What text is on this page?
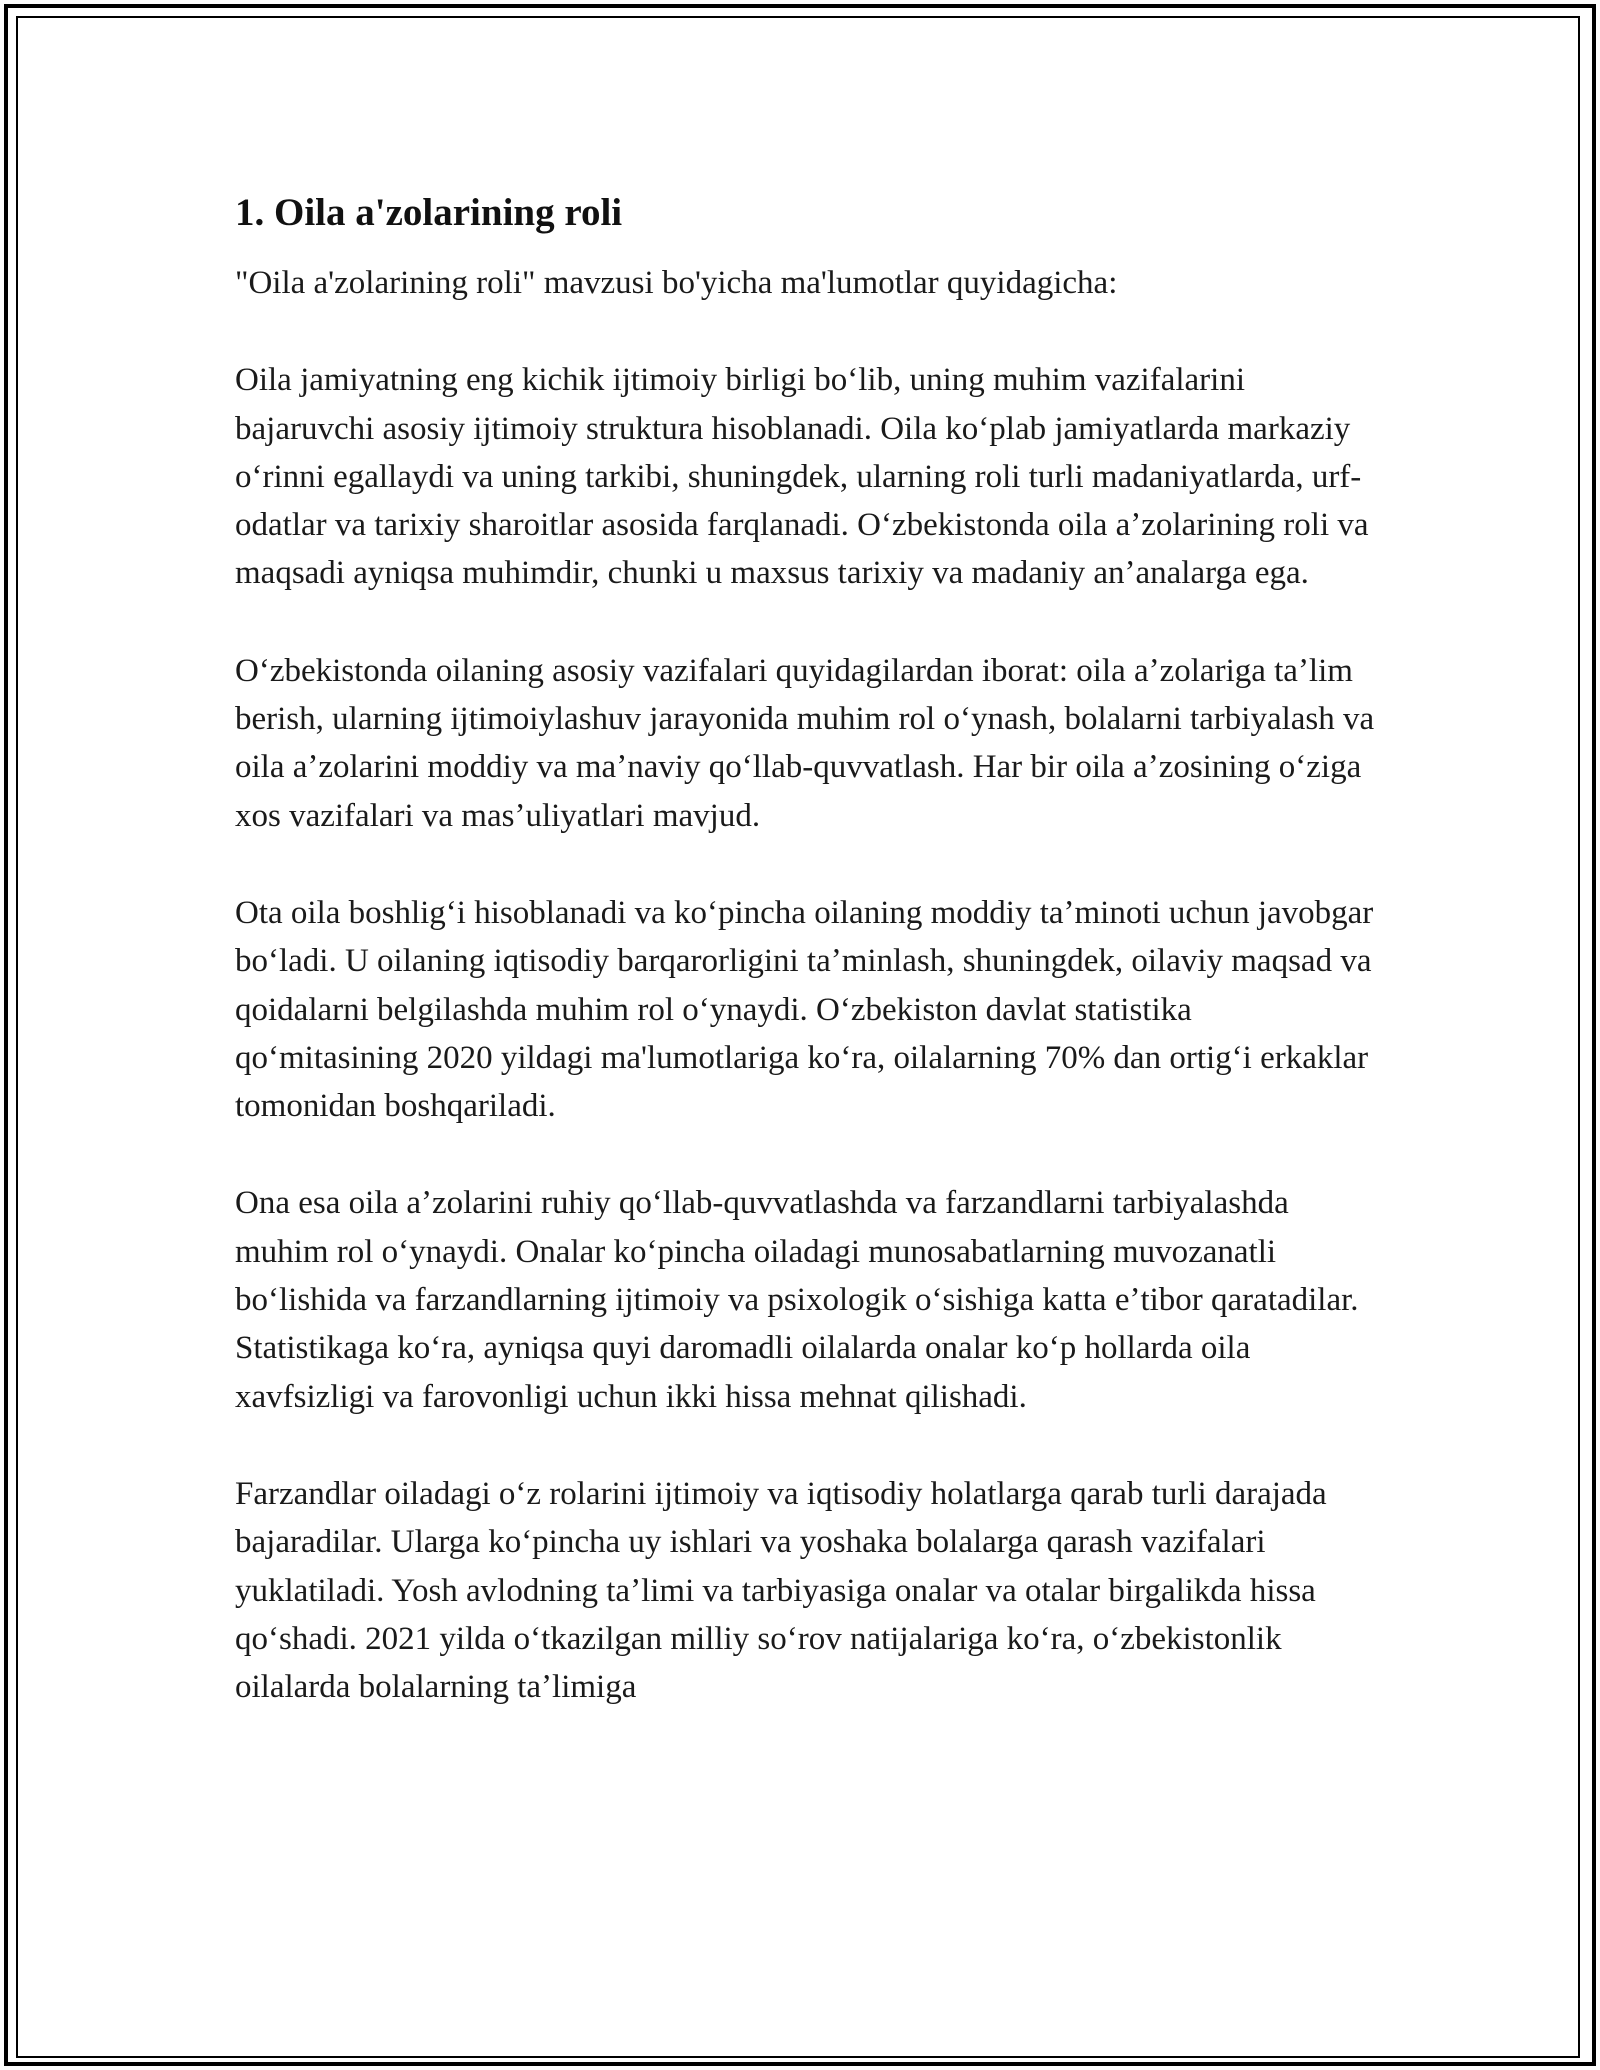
1. Oila a'zolarining roli

"Oila a'zolarining roli" mavzusi bo'yicha ma'lumotlar quyidagicha:

Oila jamiyatning eng kichik ijtimoiy birligi boʻlib, uning muhim vazifalarini bajaruvchi asosiy ijtimoiy struktura hisoblanadi. Oila koʻplab jamiyatlarda markaziy oʻrinni egallaydi va uning tarkibi, shuningdek, ularning roli turli madaniyatlarda, urf-odatlar va tarixiy sharoitlar asosida farqlanadi. Oʻzbekistonda oila aʼzolarining roli va maqsadi ayniqsa muhimdir, chunki u maxsus tarixiy va madaniy anʼanalarga ega.

Oʻzbekistonda oilaning asosiy vazifalari quyidagilardan iborat: oila aʼzolariga taʼlim berish, ularning ijtimoiylashuv jarayonida muhim rol oʻynash, bolalarni tarbiyalash va oila aʼzolarini moddiy va maʼnaviy qoʻllab-quvvatlash. Har bir oila aʼzosining oʻziga xos vazifalari va masʼuliyatlari mavjud.

Ota oila boshligʻi hisoblanadi va koʻpincha oilaning moddiy taʼminoti uchun javobgar boʻladi. U oilaning iqtisodiy barqarorligini taʼminlash, shuningdek, oilaviy maqsad va qoidalarni belgilashda muhim rol oʻynaydi. Oʻzbekiston davlat statistika qoʻmitasining 2020 yildagi ma'lumotlariga koʻra, oilalarning 70% dan ortigʻi erkaklar tomonidan boshqariladi.

Ona esa oila aʼzolarini ruhiy qoʻllab-quvvatlashda va farzandlarni tarbiyalashda muhim rol oʻynaydi. Onalar koʻpincha oiladagi munosabatlarning muvozanatli boʻlishida va farzandlarning ijtimoiy va psixologik oʻsishiga katta eʼtibor qaratadilar. Statistikaga koʻra, ayniqsa quyi daromadli oilalarda onalar koʻp hollarda oila xavfsizligi va farovonligi uchun ikki hissa mehnat qilishadi.

Farzandlar oiladagi oʻz rolarini ijtimoiy va iqtisodiy holatlarga qarab turli darajada bajaradilar. Ularga koʻpincha uy ishlari va yoshaka bolalarga qarash vazifalari yuklatiladi. Yosh avlodning taʼlimi va tarbiyasiga onalar va otalar birgalikda hissa qoʻshadi. 2021 yilda oʻtkazilgan milliy soʻrov natijalariga koʻra, oʻzbekistonlik oilalarda bolalarning taʼlimiga
